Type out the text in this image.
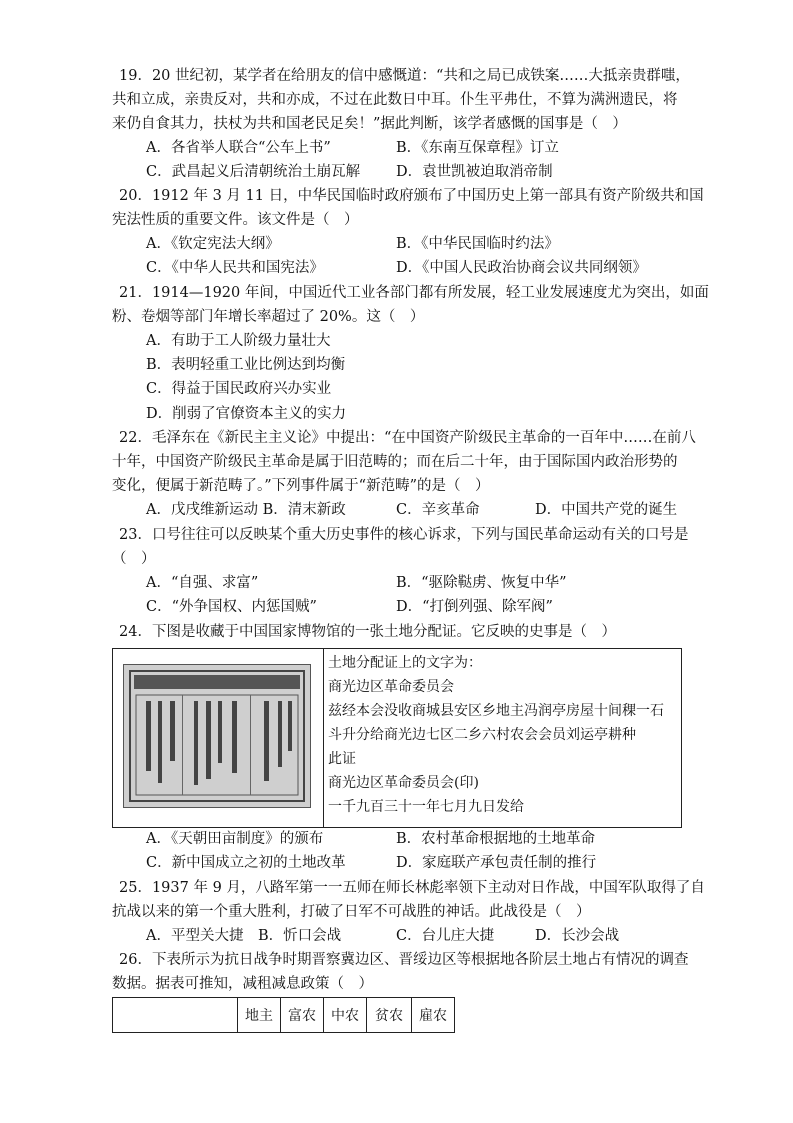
19．20 世纪初，某学者在给朋友的信中感慨道：“共和之局已成铁案……大抵亲贵群嗤，
共和立成，亲贵反对，共和亦成，不过在此数日中耳。仆生平弗仕，不算为满洲遗民，将
来仍自食其力，扶杖为共和国老民足矣！”据此判断，该学者感慨的国事是（　）
A．各省举人联合“公车上书”	B．《东南互保章程》订立
C．武昌起义后清朝统治土崩瓦解 D．袁世凯被迫取消帝制
20．1912 年 3 月 11 日，中华民国临时政府颁布了中国历史上第一部具有资产阶级共和国
宪法性质的重要文件。该文件是（　）
A．《钦定宪法大纲》	B．《中华民国临时约法》
C．《中华人民共和国宪法》	D．《中国人民政治协商会议共同纲领》
21．1914—1920 年间，中国近代工业各部门都有所发展，轻工业发展速度尤为突出，如面
粉、卷烟等部门年增长率超过了 20%。这（　）
A．有助于工人阶级力量壮大
B．表明轻重工业比例达到均衡
C．得益于国民政府兴办实业
D．削弱了官僚资本主义的实力
22．毛泽东在《新民主主义论》中提出：“在中国资产阶级民主革命的一百年中……在前八
十年，中国资产阶级民主革命是属于旧范畴的；而在后二十年，由于国际国内政治形势的
变化，便属于新范畴了。”下列事件属于“新范畴”的是（　）
A．戊戌维新运动 B．清末新政	C．辛亥革命	D．中国共产党的诞生
23．口号往往可以反映某个重大历史事件的核心诉求，下列与国民革命运动有关的口号是
（　）
A．“自强、求富”	B．“驱除鞑虏、恢复中华”
C．“外争国权、内惩国贼”	D．“打倒列强、除军阀”
24．下图是收藏于中国国家博物馆的一张土地分配证。它反映的史事是（　）
土地分配证上的文字为：
商光边区革命委员会
兹经本会没收商城县安区乡地主冯润亭房屋十间稞一石
斗升分给商光边七区二乡六村农会会员刘运亭耕种
此证
商光边区革命委员会(印)
一千九百三十一年七月九日发给
A．《天朝田亩制度》的颁布	B．农村革命根据地的土地革命
C．新中国成立之初的土地改革	D．家庭联产承包责任制的推行
25．1937 年 9 月，八路军第一一五师在师长林彪率领下主动对日作战，中国军队取得了自
抗战以来的第一个重大胜利，打破了日军不可战胜的神话。此战役是（　）
A．平型关大捷 B．忻口会战	C．台儿庄大捷	D．长沙会战
26．下表所示为抗日战争时期晋察冀边区、晋绥边区等根据地各阶层土地占有情况的调查
数据。据表可推知，减租减息政策（　）
	地主	富农	中农	贫农	雇农
